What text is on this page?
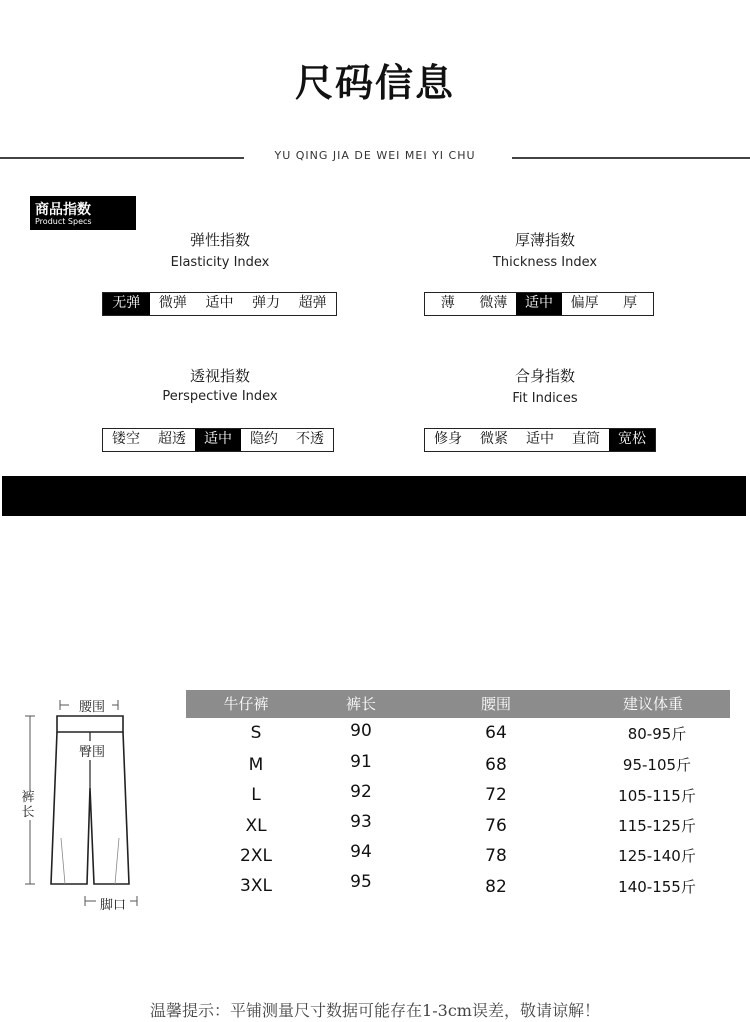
尺码信息
YU QING JIA DE WEI MEI YI CHU
商品指数
Product Specs
弹性指数
Elasticity Index
无弹	微弹	适中	弹力	超弹
厚薄指数
Thickness Index
薄	微薄	适中	偏厚	厚
透视指数
Perspective Index
镂空	超透	适中	隐约	不透
合身指数
Fit Indices
修身	微紧	适中	直筒	宽松
腰围
臀围
裤长
脚口
牛仔裤	裤长	腰围	建议体重
S	90	64	80-95斤
M	91	68	95-105斤
L	92	72	105-115斤
XL	93	76	115-125斤
2XL	94	78	125-140斤
3XL	95	82	140-155斤
温馨提示：平铺测量尺寸数据可能存在1-3cm误差，敬请谅解！
